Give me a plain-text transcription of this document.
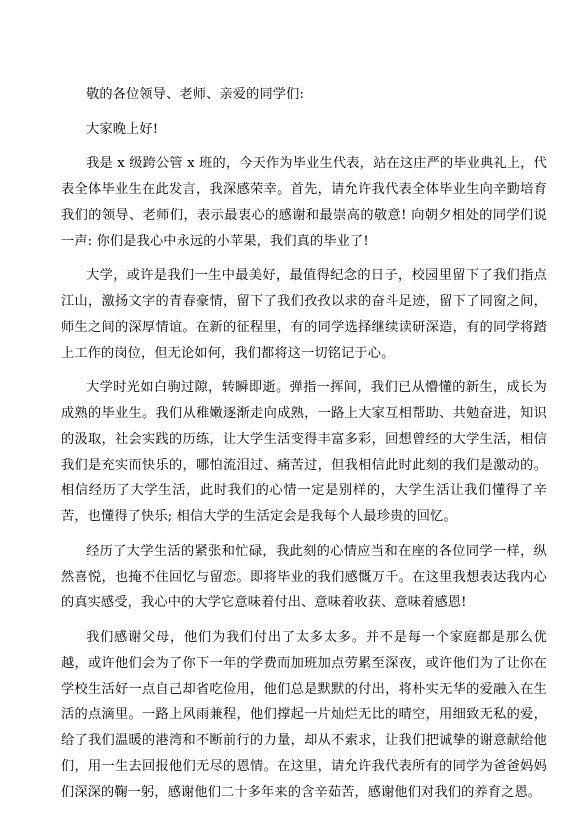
敬的各位领导、老师、亲爱的同学们:

大家晚上好!

我是 x 级跨公管 x 班的，今天作为毕业生代表，站在这庄严的毕业典礼上，代表全体毕业生在此发言，我深感荣幸。首先，请允许我代表全体毕业生向辛勤培育我们的领导、老师们，表示最衷心的感谢和最崇高的敬意! 向朝夕相处的同学们说一声: 你们是我心中永远的小苹果，我们真的毕业了!

大学，或许是我们一生中最美好，最值得纪念的日子，校园里留下了我们指点江山，激扬文字的青春豪情，留下了我们孜孜以求的奋斗足迹，留下了同窗之间，师生之间的深厚情谊。在新的征程里，有的同学选择继续读研深造，有的同学将踏上工作的岗位，但无论如何，我们都将这一切铭记于心。

大学时光如白驹过隙，转瞬即逝。弹指一挥间，我们已从懵懂的新生，成长为成熟的毕业生。我们从稚嫩逐渐走向成熟，一路上大家互相帮助、共勉奋进，知识的汲取，社会实践的历练，让大学生活变得丰富多彩，回想曾经的大学生活，相信我们是充实而快乐的，哪怕流泪过、痛苦过，但我相信此时此刻的我们是激动的。相信经历了大学生活，此时我们的心情一定是别样的，大学生活让我们懂得了辛苦，也懂得了快乐; 相信大学的生活定会是我每个人最珍贵的回忆。

经历了大学生活的紧张和忙碌，我此刻的心情应当和在座的各位同学一样，纵然喜悦，也掩不住回忆与留恋。即将毕业的我们感慨万千。在这里我想表达我内心的真实感受，我心中的大学它意味着付出、意味着收获、意味着感恩!

我们感谢父母，他们为我们付出了太多太多。并不是每一个家庭都是那么优越，或许他们会为了你下一年的学费而加班加点劳累至深夜，或许他们为了让你在学校生活好一点自己却省吃俭用，他们总是默默的付出，将朴实无华的爱融入在生活的点滴里。一路上风雨兼程，他们撑起一片灿烂无比的晴空，用细致无私的爱，给了我们温暖的港湾和不断前行的力量，却从不索求，让我们把诚挚的谢意献给他们，用一生去回报他们无尽的恩情。在这里，请允许我代表所有的同学为爸爸妈妈们深深的鞠一躬，感谢他们二十多年来的含辛茹苦，感谢他们对我们的养育之恩。
